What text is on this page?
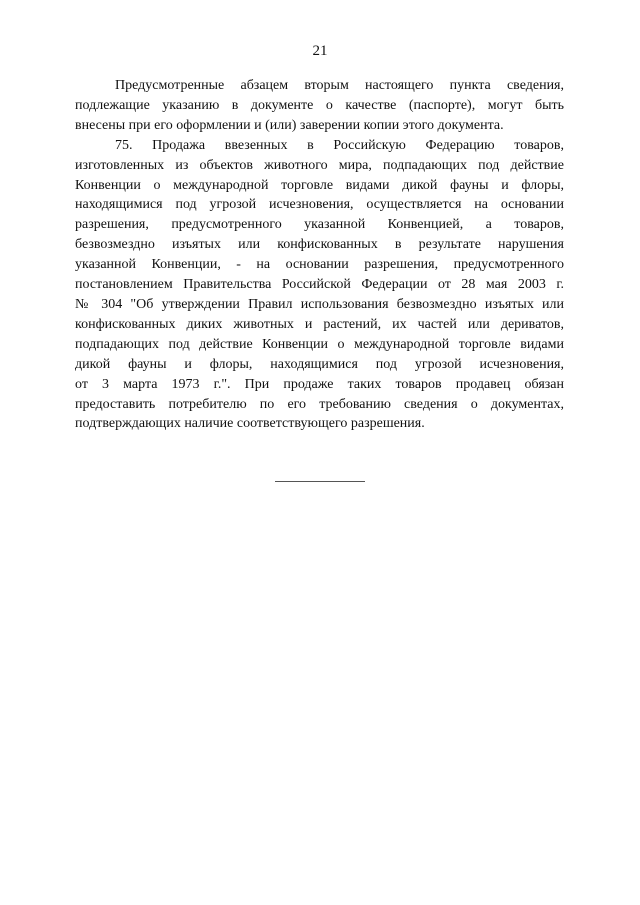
21

Предусмотренные абзацем вторым настоящего пункта сведения,
подлежащие указанию в документе о качестве (паспорте), могут быть
внесены при его оформлении и (или) заверении копии этого документа.

75. Продажа ввезенных в Российскую Федерацию товаров,
изготовленных из объектов животного мира, подпадающих под действие
Конвенции о международной торговле видами дикой фауны и флоры,
находящимися под угрозой исчезновения, осуществляется на основании
разрешения, предусмотренного указанной Конвенцией, а товаров,
безвозмездно изъятых или конфискованных в результате нарушения
указанной Конвенции, - на основании разрешения, предусмотренного
постановлением Правительства Российской Федерации от 28 мая 2003 г.
№ 304 "Об утверждении Правил использования безвозмездно изъятых или
конфискованных диких животных и растений, их частей или дериватов,
подпадающих под действие Конвенции о международной торговле видами
дикой фауны и флоры, находящимися под угрозой исчезновения,
от 3 марта 1973 г.". При продаже таких товаров продавец обязан
предоставить потребителю по его требованию сведения о документах,
подтверждающих наличие соответствующего разрешения.
